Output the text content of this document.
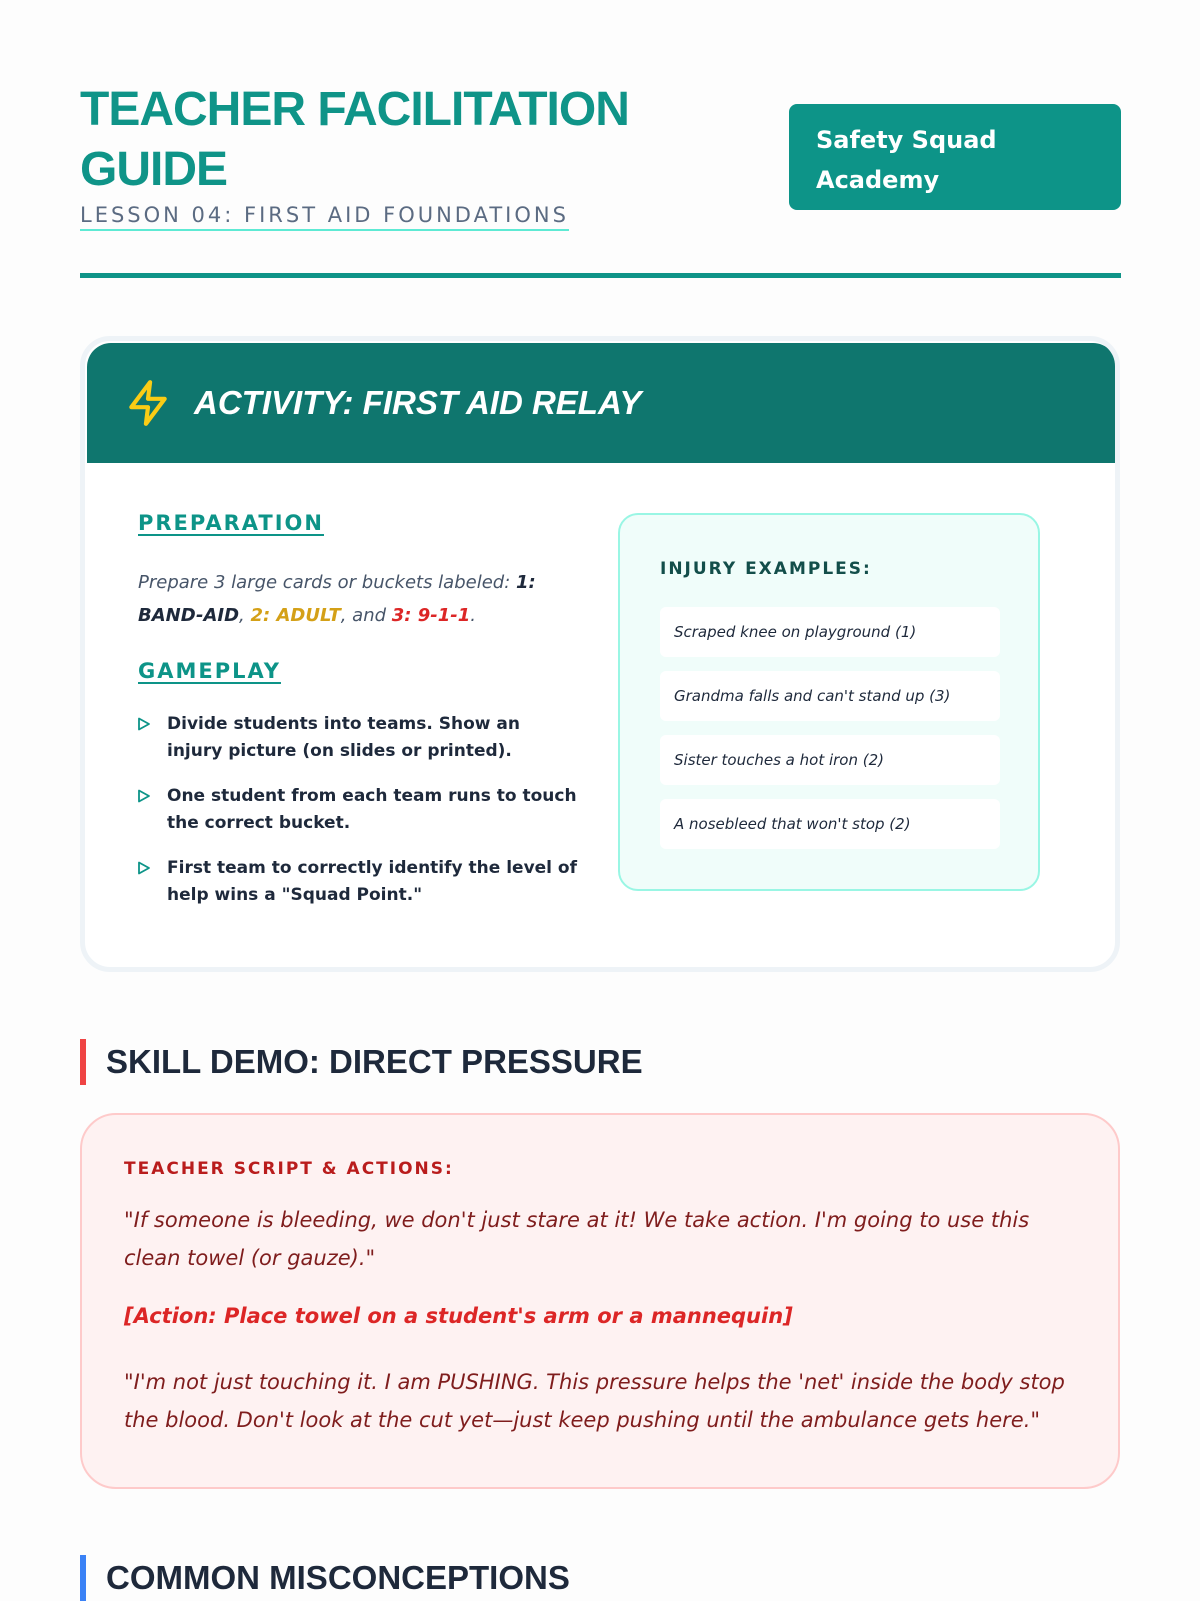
TEACHER FACILITATION GUIDE
LESSON 04: FIRST AID FOUNDATIONS
Safety Squad Academy
ACTIVITY: FIRST AID RELAY
PREPARATION

Prepare 3 large cards or buckets labeled: 1: BAND-AID, 2: ADULT, and 3: 9-1-1.

GAMEPLAY
Divide students into teams. Show an injury picture (on slides or printed).
One student from each team runs to touch the correct bucket.
First team to correctly identify the level of help wins a "Squad Point."
INJURY EXAMPLES:
Scraped knee on playground (1)
Grandma falls and can't stand up (3)
Sister touches a hot iron (2)
A nosebleed that won't stop (2)
SKILL DEMO: DIRECT PRESSURE
TEACHER SCRIPT & ACTIONS:

"If someone is bleeding, we don't just stare at it! We take action. I'm going to use this clean towel (or gauze)."

[Action: Place towel on a student's arm or a mannequin]

"I'm not just touching it. I am PUSHING. This pressure helps the 'net' inside the body stop the blood. Don't look at the cut yet—just keep pushing until the ambulance gets here."

COMMON MISCONCEPTIONS
